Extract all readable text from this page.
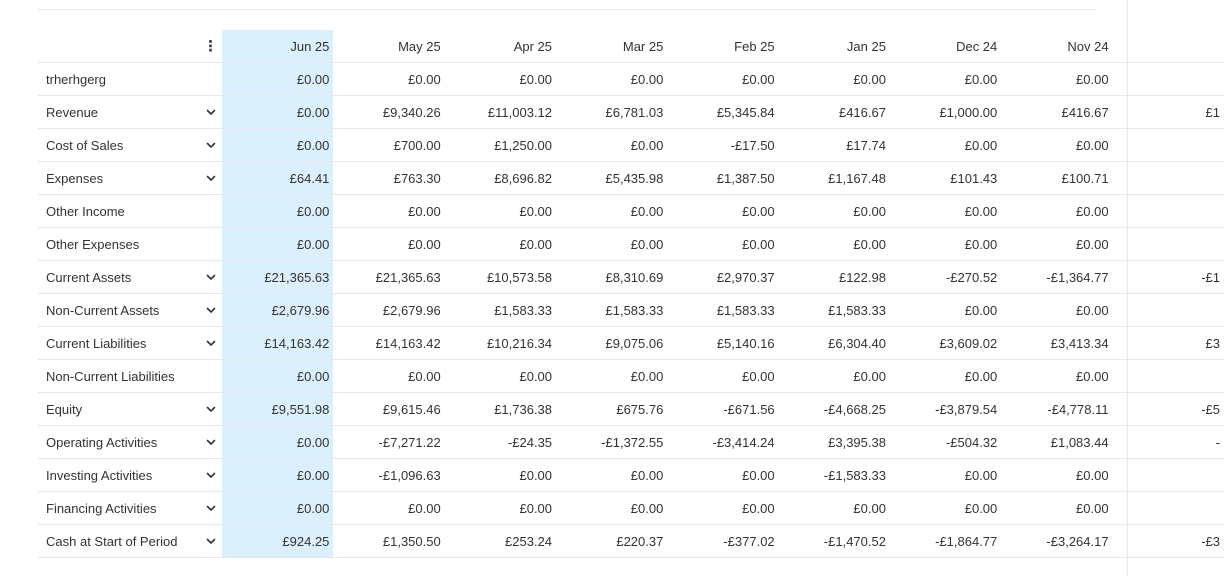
⋮	Jun 25	May 25	Apr 25	Mar 25	Feb 25	Jan 25	Dec 24	Nov 24	

trherhgerg	£0.00	£0.00	£0.00	£0.00	£0.00	£0.00	£0.00	£0.00	

Revenue	£0.00	£9,340.26	£11,003.12	£6,781.03	£5,345.84	£416.67	£1,000.00	£416.67	£1

Cost of Sales	£0.00	£700.00	£1,250.00	£0.00	-£17.50	£17.74	£0.00	£0.00	

Expenses	£64.41	£763.30	£8,696.82	£5,435.98	£1,387.50	£1,167.48	£101.43	£100.71	

Other Income	£0.00	£0.00	£0.00	£0.00	£0.00	£0.00	£0.00	£0.00	

Other Expenses	£0.00	£0.00	£0.00	£0.00	£0.00	£0.00	£0.00	£0.00	

Current Assets	£21,365.63	£21,365.63	£10,573.58	£8,310.69	£2,970.37	£122.98	-£270.52	-£1,364.77	-£1

Non-Current Assets	£2,679.96	£2,679.96	£1,583.33	£1,583.33	£1,583.33	£1,583.33	£0.00	£0.00	

Current Liabilities	£14,163.42	£14,163.42	£10,216.34	£9,075.06	£5,140.16	£6,304.40	£3,609.02	£3,413.34	£3

Non-Current Liabilities	£0.00	£0.00	£0.00	£0.00	£0.00	£0.00	£0.00	£0.00	

Equity	£9,551.98	£9,615.46	£1,736.38	£675.76	-£671.56	-£4,668.25	-£3,879.54	-£4,778.11	-£5

Operating Activities	£0.00	-£7,271.22	-£24.35	-£1,372.55	-£3,414.24	£3,395.38	-£504.32	£1,083.44	-

Investing Activities	£0.00	-£1,096.63	£0.00	£0.00	£0.00	-£1,583.33	£0.00	£0.00	

Financing Activities	£0.00	£0.00	£0.00	£0.00	£0.00	£0.00	£0.00	£0.00	

Cash at Start of Period	£924.25	£1,350.50	£253.24	£220.37	-£377.02	-£1,470.52	-£1,864.77	-£3,264.17	-£3
